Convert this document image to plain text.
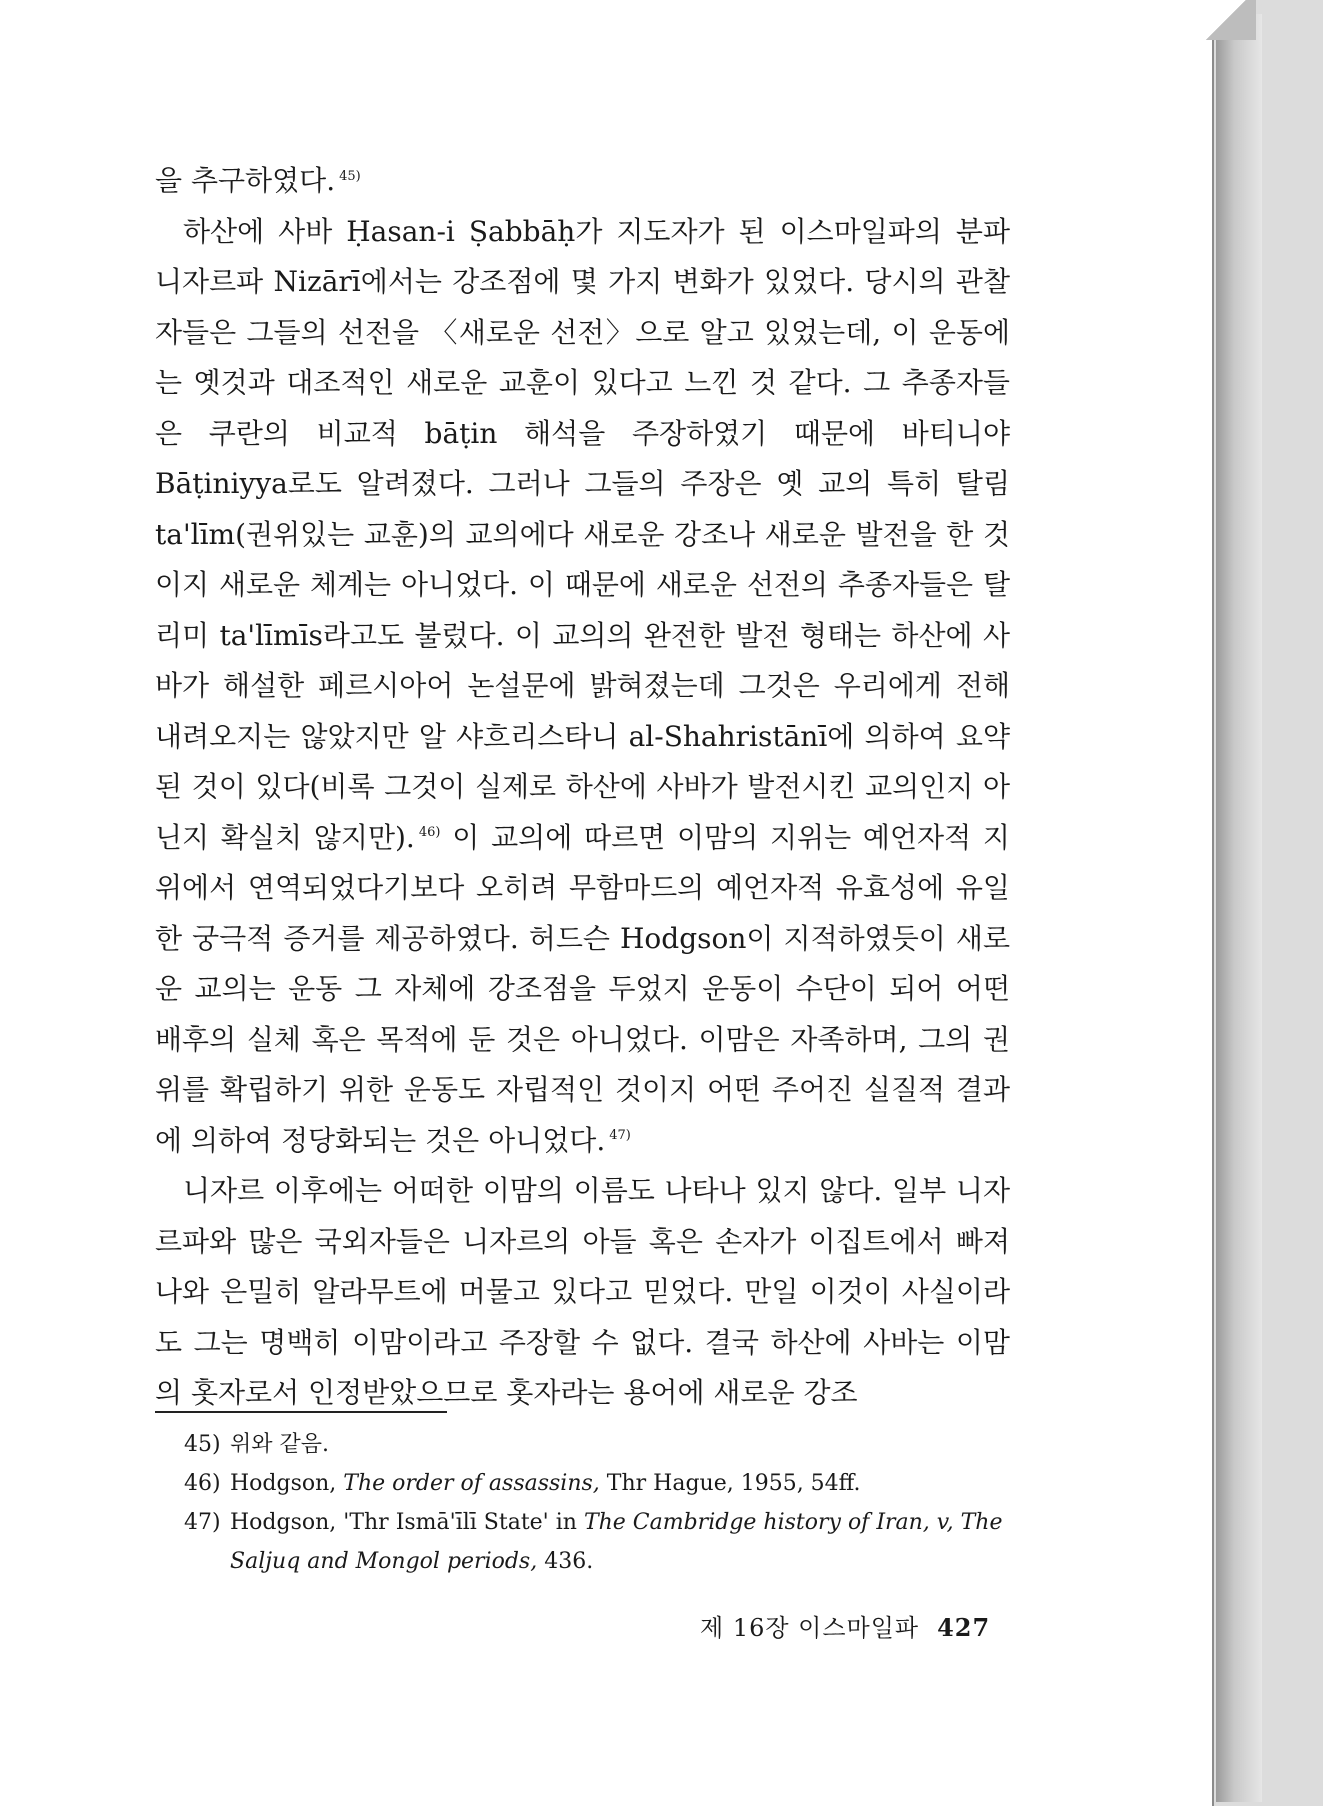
을 추구하였다. $^{45)}$

하산에 사바 Ḥasan-i Ṣabbāḥ가 지도자가 된 이스마일파의 분파 니자르파 Nizārī에서는 강조점에 몇 가지 변화가 있었다. 당시의 관찰자들은 그들의 선전을 〈새로운 선전〉으로 알고 있었는데, 이 운동에는 옛것과 대조적인 새로운 교훈이 있다고 느낀 것 같다. 그 추종자들은 쿠란의 비교적 bāṭin 해석을 주장하였기 때문에 바티니야 Bāṭiniyya로도 알려졌다. 그러나 그들의 주장은 옛 교의 특히 탈림 ta'līm(권위있는 교훈)의 교의에다 새로운 강조나 새로운 발전을 한 것이지 새로운 체계는 아니었다. 이 때문에 새로운 선전의 추종자들은 탈리미 ta'līmīs라고도 불렀다. 이 교의의 완전한 발전 형태는 하산에 사바가 해설한 페르시아어 논설문에 밝혀졌는데 그것은 우리에게 전해 내려오지는 않았지만 알 샤흐리스타니 al-Shahristānī에 의하여 요약된 것이 있다(비록 그것이 실제로 하산에 사바가 발전시킨 교의인지 아닌지 확실치 않지만). $^{46)}$ 이 교의에 따르면 이맘의 지위는 예언자적 지위에서 연역되었다기보다 오히려 무함마드의 예언자적 유효성에 유일한 궁극적 증거를 제공하였다. 허드슨 Hodgson이 지적하였듯이 새로운 교의는 운동 그 자체에 강조점을 두었지 운동이 수단이 되어 어떤 배후의 실체 혹은 목적에 둔 것은 아니었다. 이맘은 자족하며, 그의 권위를 확립하기 위한 운동도 자립적인 것이지 어떤 주어진 실질적 결과에 의하여 정당화되는 것은 아니었다. $^{47)}$

니자르 이후에는 어떠한 이맘의 이름도 나타나 있지 않다. 일부 니자르파와 많은 국외자들은 니자르의 아들 혹은 손자가 이집트에서 빠져나와 은밀히 알라무트에 머물고 있다고 믿었다. 만일 이것이 사실이라도 그는 명백히 이맘이라고 주장할 수 없다. 결국 하산에 사바는 이맘의 홋자로서 인정받았으므로 홋자라는 용어에 새로운 강조

45) 위와 같음.
46) Hodgson, The order of assassins, Thr Hague, 1955, 54ff.
47) Hodgson, 'Thr Ismā'īlī State' in The Cambridge history of Iran, v, The Saljuq and Mongol periods, 436.
제 16장 이스마일파 427
